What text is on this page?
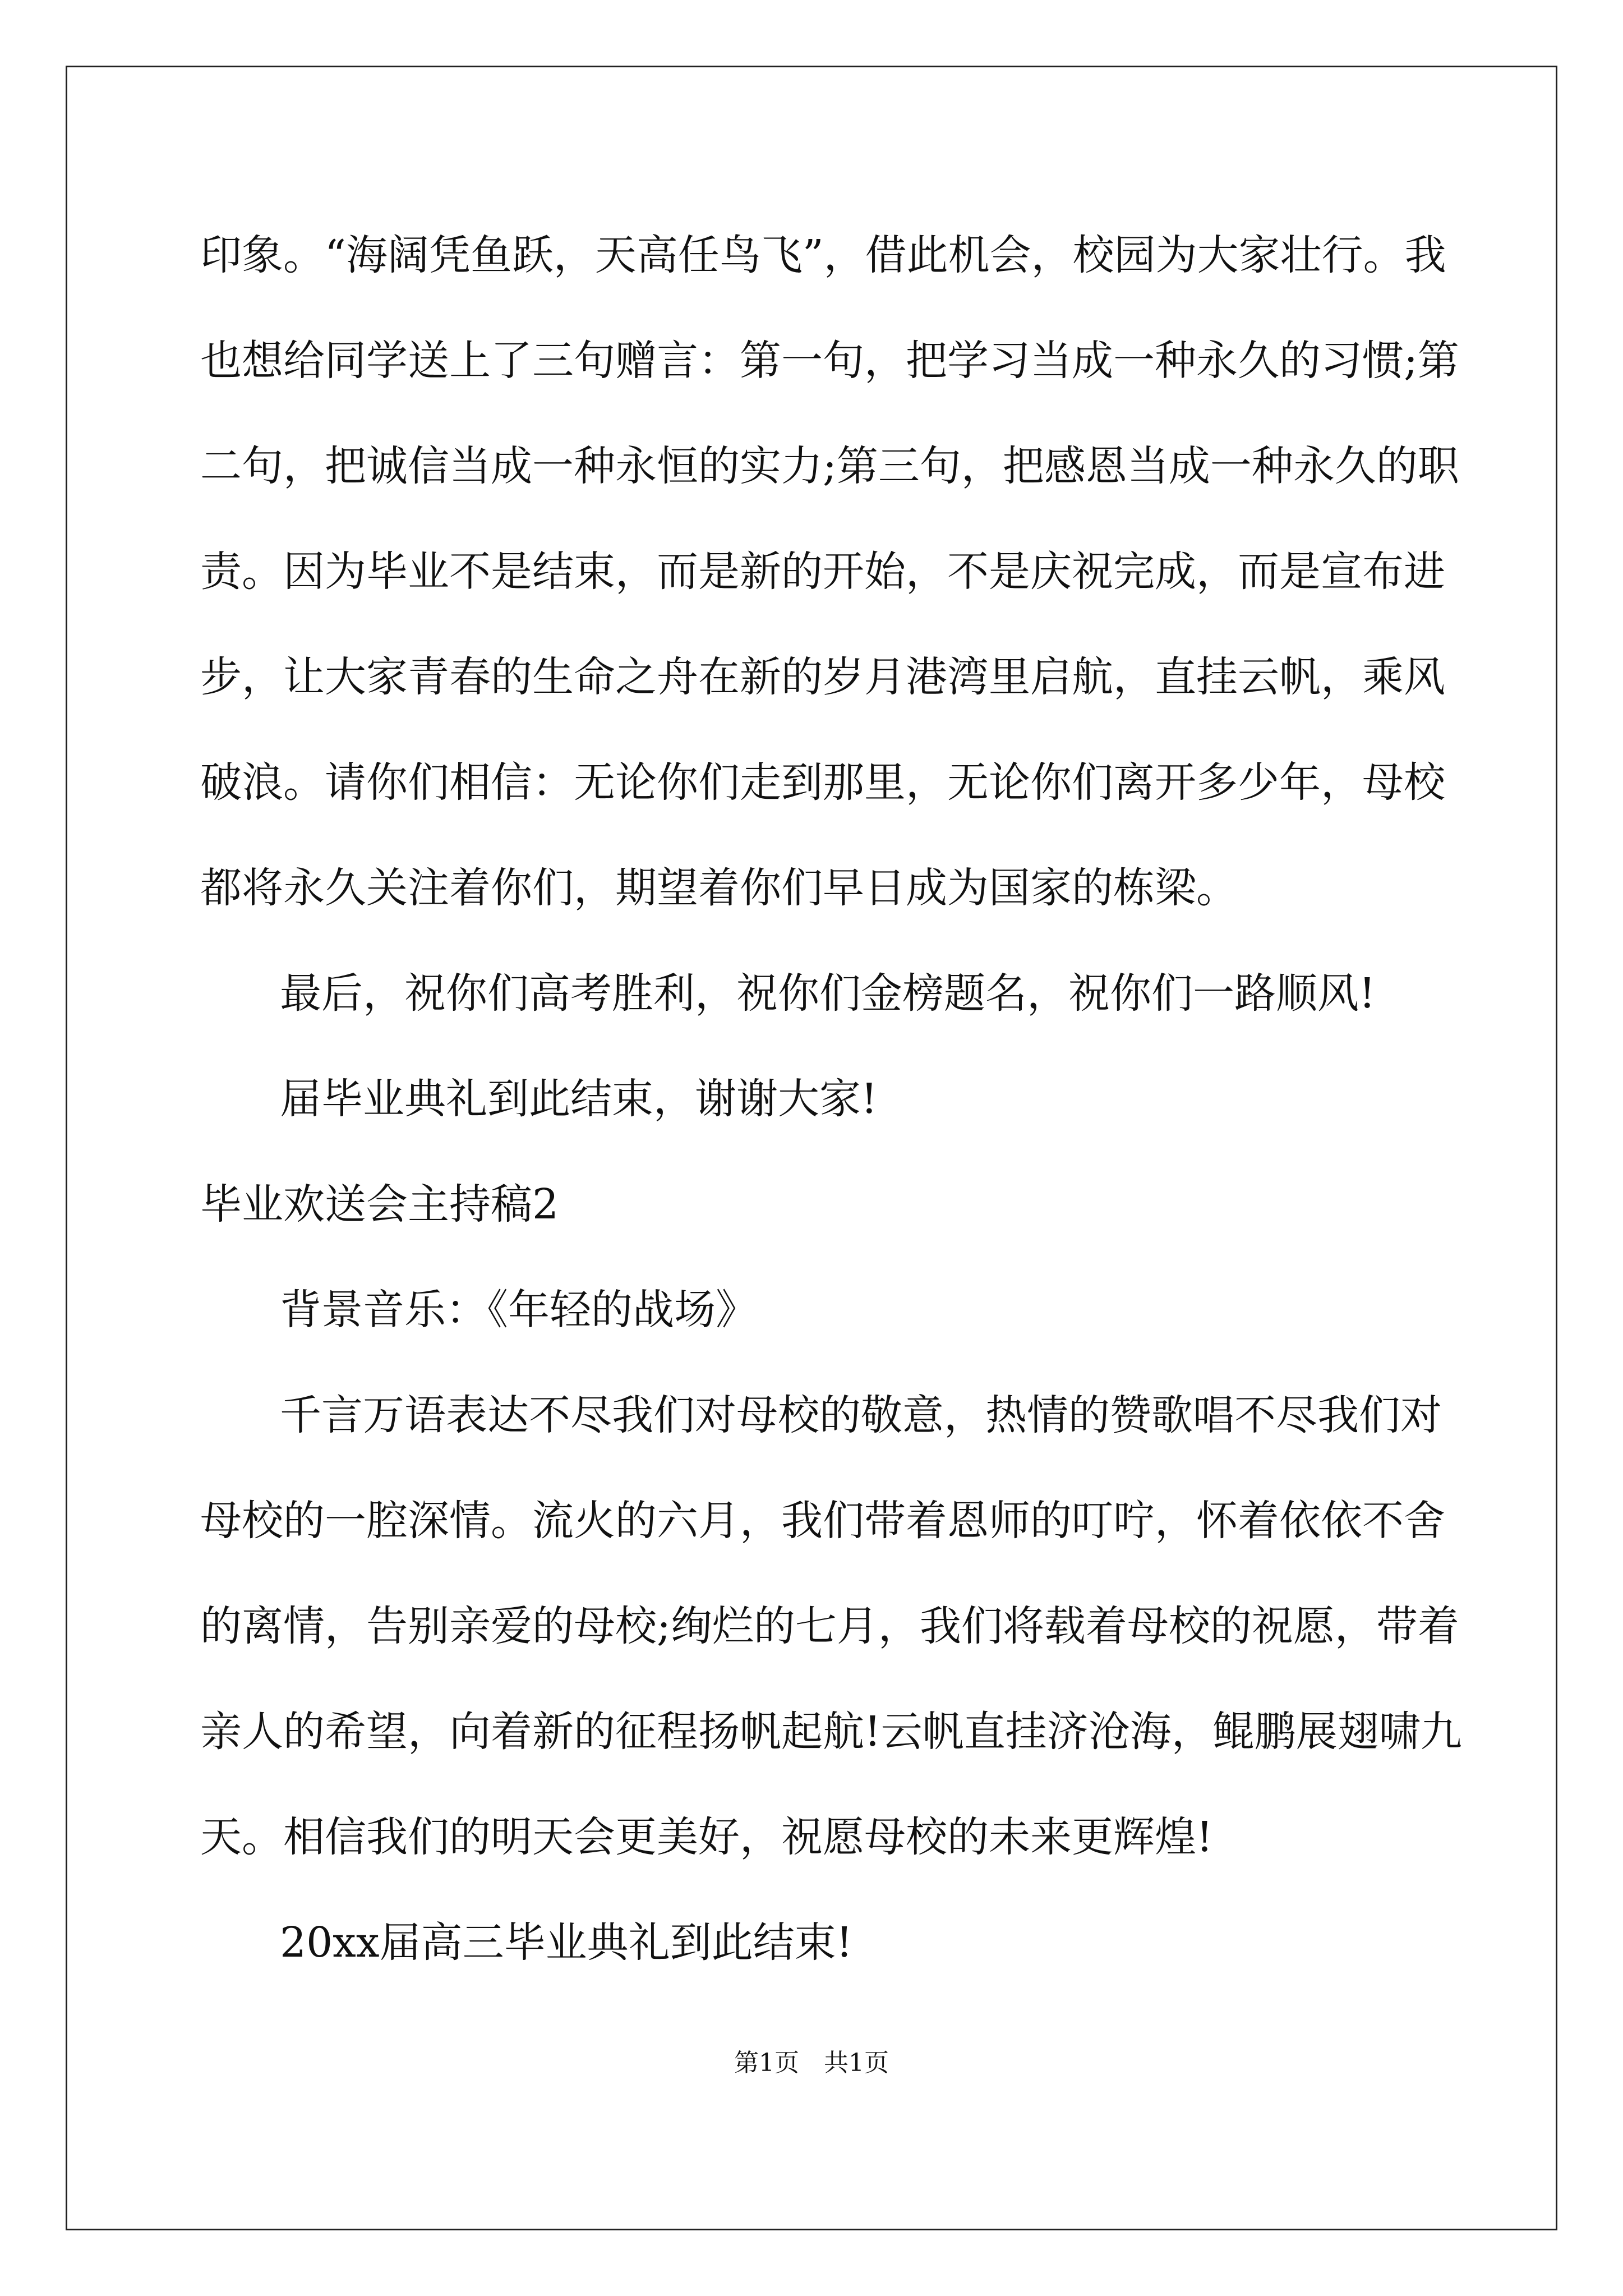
印象。“海阔凭鱼跃，天高任鸟飞”，借此机会，校园为大家壮行。我
也想给同学送上了三句赠言：第一句，把学习当成一种永久的习惯;第
二句，把诚信当成一种永恒的实力;第三句，把感恩当成一种永久的职
责。因为毕业不是结束，而是新的开始，不是庆祝完成，而是宣布进
步，让大家青春的生命之舟在新的岁月港湾里启航，直挂云帆，乘风
破浪。请你们相信：无论你们走到那里，无论你们离开多少年，母校
都将永久关注着你们，期望着你们早日成为国家的栋梁。
最后，祝你们高考胜利，祝你们金榜题名，祝你们一路顺风!
届毕业典礼到此结束，谢谢大家!
毕业欢送会主持稿2
背景音乐：《年轻的战场》
千言万语表达不尽我们对母校的敬意，热情的赞歌唱不尽我们对
母校的一腔深情。流火的六月，我们带着恩师的叮咛，怀着依依不舍
的离情，告别亲爱的母校;绚烂的七月，我们将载着母校的祝愿，带着
亲人的希望，向着新的征程扬帆起航!云帆直挂济沧海，鲲鹏展翅啸九
天。相信我们的明天会更美好，祝愿母校的未来更辉煌!
20xx届高三毕业典礼到此结束!
第1页　共1页
